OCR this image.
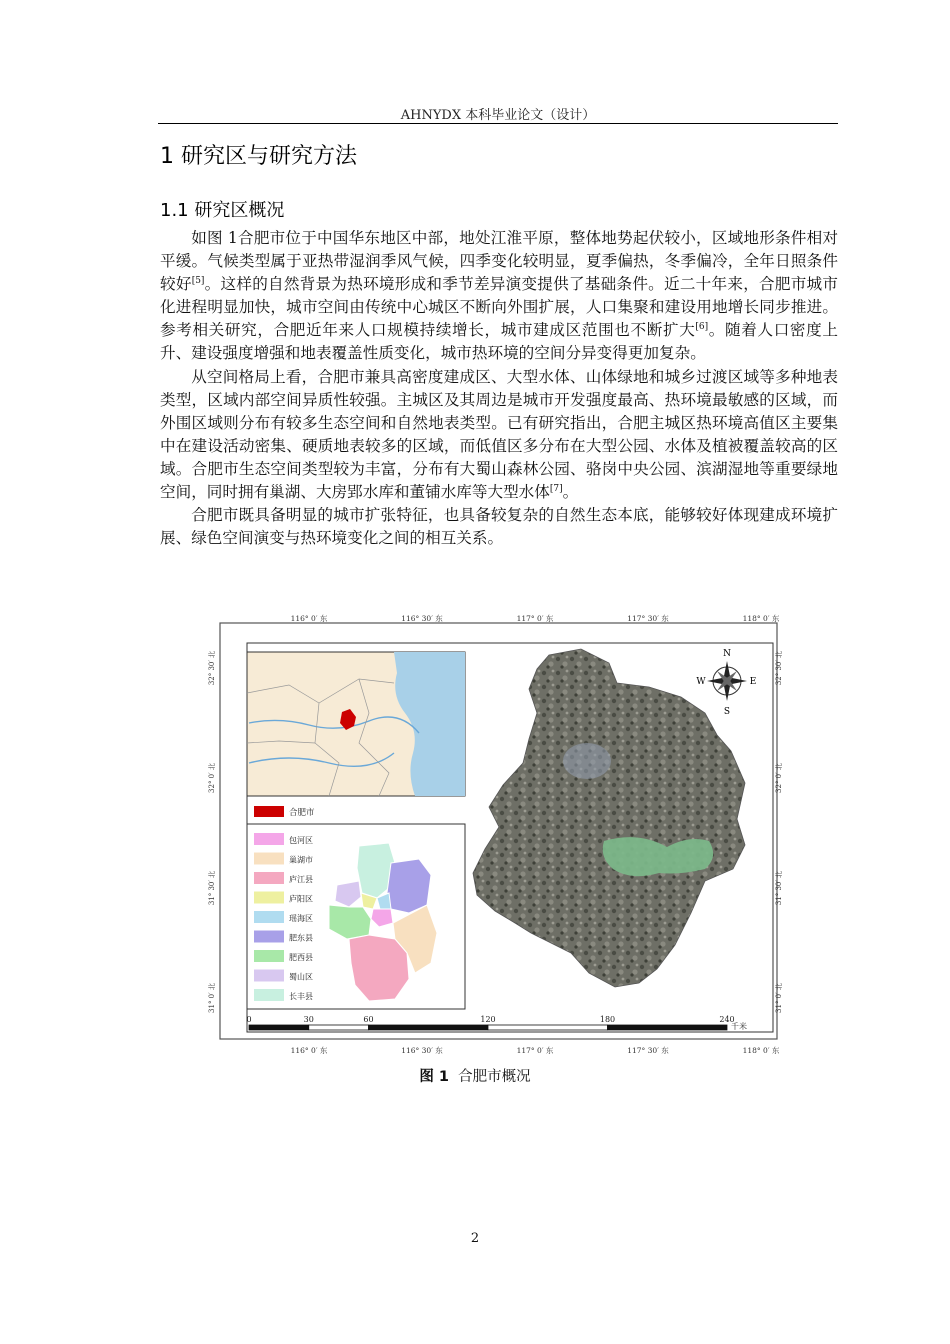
AHNYDX 本科毕业论文（设计）
1 研究区与研究方法
1.1 研究区概况

如图 1合肥市位于中国华东地区中部，地处江淮平原，整体地势起伏较小，区域地形条件相对平缓。气候类型属于亚热带湿润季风气候，四季变化较明显，夏季偏热，冬季偏冷，全年日照条件较好[5]。这样的自然背景为热环境形成和季节差异演变提供了基础条件。近二十年来，合肥市城市化进程明显加快，城市空间由传统中心城区不断向外围扩展，人口集聚和建设用地增长同步推进。参考相关研究，合肥近年来人口规模持续增长，城市建成区范围也不断扩大[6]。随着人口密度上升、建设强度增强和地表覆盖性质变化，城市热环境的空间分异变得更加复杂。

从空间格局上看，合肥市兼具高密度建成区、大型水体、山体绿地和城乡过渡区域等多种地表类型，区域内部空间异质性较强。主城区及其周边是城市开发强度最高、热环境最敏感的区域，而外围区域则分布有较多生态空间和自然地表类型。已有研究指出，合肥主城区热环境高值区主要集中在建设活动密集、硬质地表较多的区域，而低值区多分布在大型公园、水体及植被覆盖较高的区域。合肥市生态空间类型较为丰富，分布有大蜀山森林公园、骆岗中央公园、滨湖湿地等重要绿地空间，同时拥有巢湖、大房郢水库和董铺水库等大型水体[7]。

合肥市既具备明显的城市扩张特征，也具备较复杂的自然生态本底，能够较好体现建成环境扩展、绿色空间演变与热环境变化之间的相互关系。

116° 0′ 东	116° 30′ 东	117° 0′ 东	117° 30′ 东	118° 0′ 东
116° 0′ 东	116° 30′ 东	117° 0′ 东	117° 30′ 东	118° 0′ 东
32° 30′ 北
32° 0′ 北
31° 30′ 北
31° 0′ 北
32° 30′ 北
32° 0′ 北
31° 30′ 北
31° 0′ 北
合肥市
包河区
巢湖市
庐江县
庐阳区
瑶海区
肥东县
肥西县
蜀山区
长丰县
N
S
E
W
0	30	60	120	180	240
千米
图 1 合肥市概况
2
